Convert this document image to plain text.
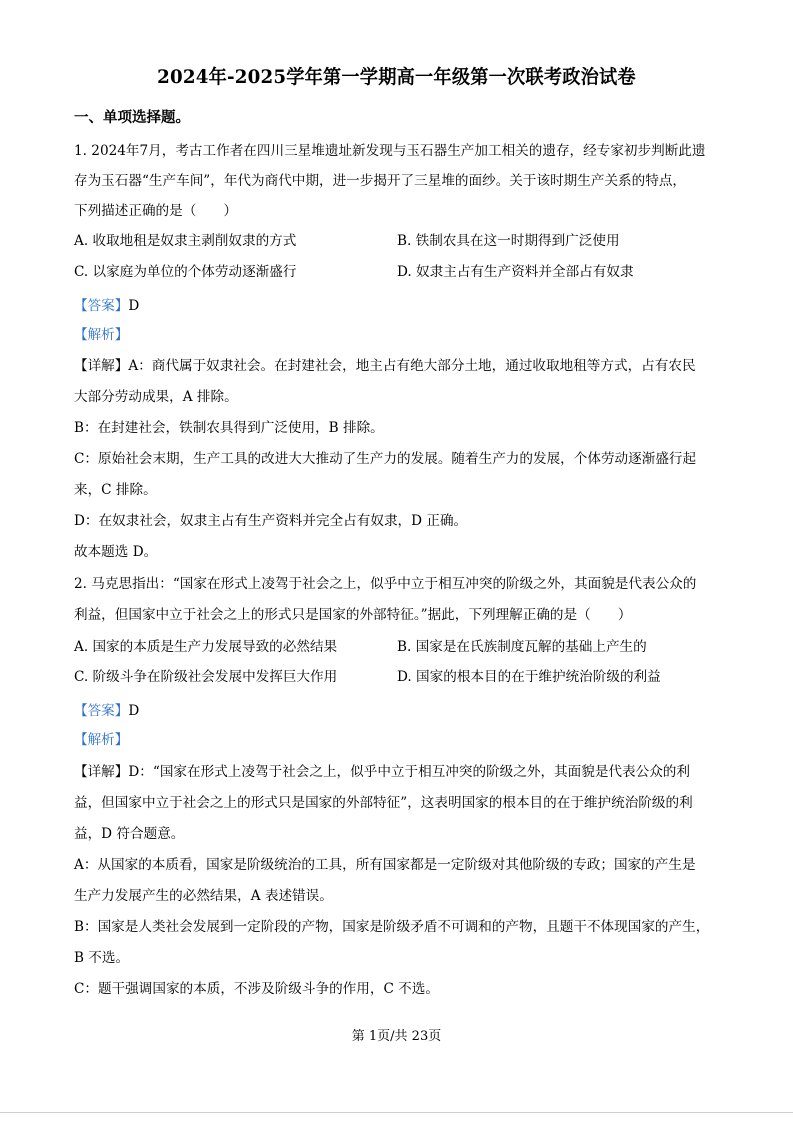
2024年-2025学年第一学期高一年级第一次联考政治试卷
一、单项选择题。
1. 2024年7月，考古工作者在四川三星堆遗址新发现与玉石器生产加工相关的遗存，经专家初步判断此遗
存为玉石器“生产车间”，年代为商代中期，进一步揭开了三星堆的面纱。关于该时期生产关系的特点，
下列描述正确的是（　　）
A. 收取地租是奴隶主剥削奴隶的方式	B. 铁制农具在这一时期得到广泛使用
C. 以家庭为单位的个体劳动逐渐盛行	D. 奴隶主占有生产资料并全部占有奴隶
【答案】D
【解析】
【详解】A：商代属于奴隶社会。在封建社会，地主占有绝大部分土地，通过收取地租等方式，占有农民
大部分劳动成果，A 排除。
B：在封建社会，铁制农具得到广泛使用，B 排除。
C：原始社会末期，生产工具的改进大大推动了生产力的发展。随着生产力的发展，个体劳动逐渐盛行起
来，C 排除。
D：在奴隶社会，奴隶主占有生产资料并完全占有奴隶，D 正确。
故本题选 D。
2. 马克思指出：“国家在形式上凌驾于社会之上，似乎中立于相互冲突的阶级之外，其面貌是代表公众的
利益，但国家中立于社会之上的形式只是国家的外部特征。”据此，下列理解正确的是（　　）
A. 国家的本质是生产力发展导致的必然结果	B. 国家是在氏族制度瓦解的基础上产生的
C. 阶级斗争在阶级社会发展中发挥巨大作用	D. 国家的根本目的在于维护统治阶级的利益
【答案】D
【解析】
【详解】D：“国家在形式上凌驾于社会之上，似乎中立于相互冲突的阶级之外，其面貌是代表公众的利
益，但国家中立于社会之上的形式只是国家的外部特征”，这表明国家的根本目的在于维护统治阶级的利
益，D 符合题意。
A：从国家的本质看，国家是阶级统治的工具，所有国家都是一定阶级对其他阶级的专政；国家的产生是
生产力发展产生的必然结果，A 表述错误。
B：国家是人类社会发展到一定阶段的产物，国家是阶级矛盾不可调和的产物，且题干不体现国家的产生，
B 不选。
C：题干强调国家的本质，不涉及阶级斗争的作用，C 不选。
第 1页/共 23页
